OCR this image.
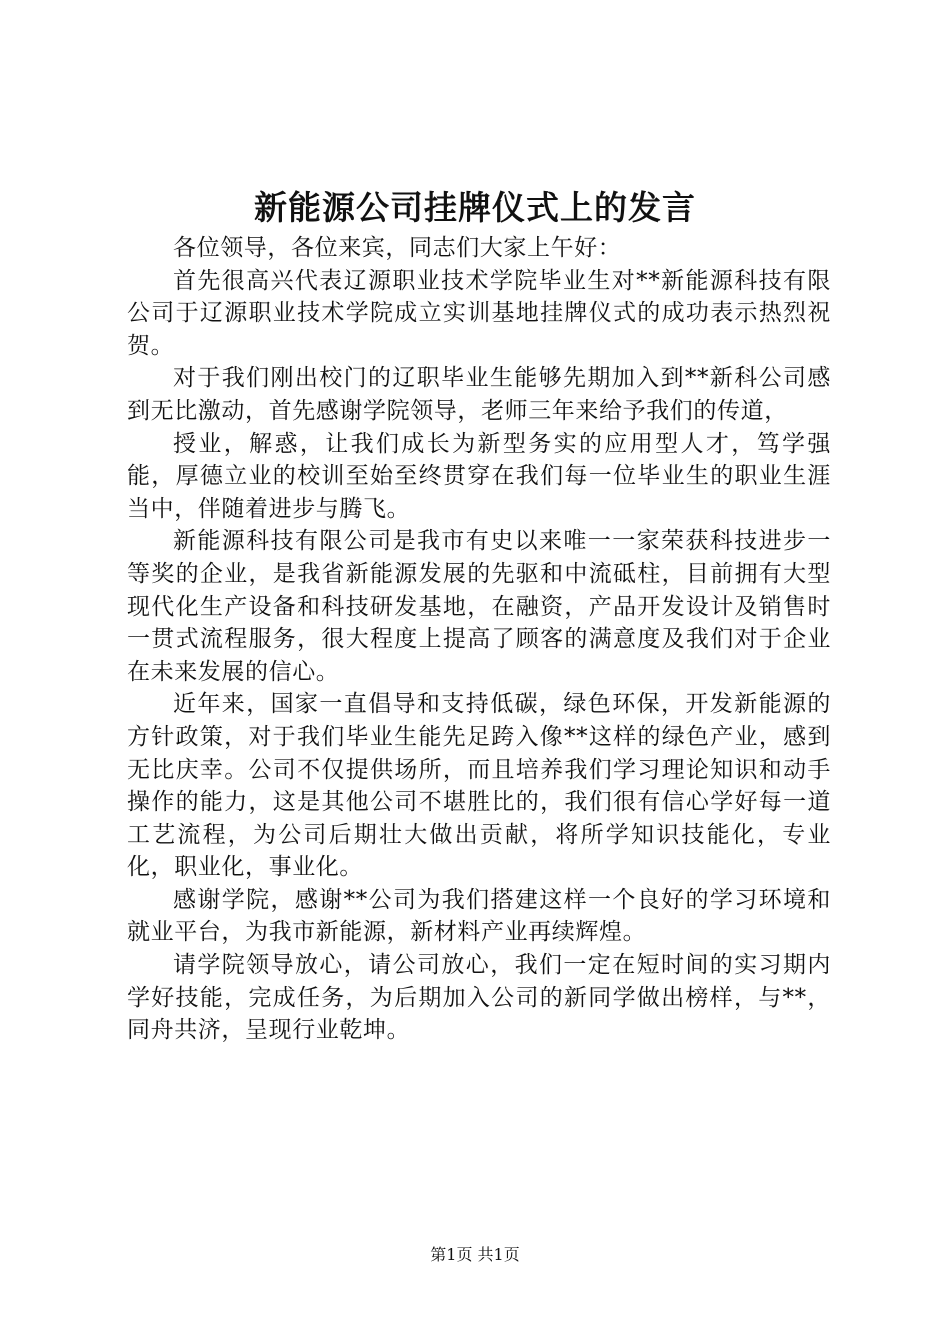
新能源公司挂牌仪式上的发言

各位领导，各位来宾，同志们大家上午好：

首先很高兴代表辽源职业技术学院毕业生对**新能源科技有限公司于辽源职业技术学院成立实训基地挂牌仪式的成功表示热烈祝贺。

对于我们刚出校门的辽职毕业生能够先期加入到**新科公司感到无比激动，首先感谢学院领导，老师三年来给予我们的传道，

授业，解惑，让我们成长为新型务实的应用型人才，笃学强能，厚德立业的校训至始至终贯穿在我们每一位毕业生的职业生涯当中，伴随着进步与腾飞。

新能源科技有限公司是我市有史以来唯一一家荣获科技进步一等奖的企业，是我省新能源发展的先驱和中流砥柱，目前拥有大型现代化生产设备和科技研发基地，在融资，产品开发设计及销售时一贯式流程服务，很大程度上提高了顾客的满意度及我们对于企业在未来发展的信心。

近年来，国家一直倡导和支持低碳，绿色环保，开发新能源的方针政策，对于我们毕业生能先足跨入像**这样的绿色产业，感到无比庆幸。公司不仅提供场所，而且培养我们学习理论知识和动手操作的能力，这是其他公司不堪胜比的，我们很有信心学好每一道工艺流程，为公司后期壮大做出贡献，将所学知识技能化，专业化，职业化，事业化。

感谢学院，感谢**公司为我们搭建这样一个良好的学习环境和就业平台，为我市新能源，新材料产业再续辉煌。

请学院领导放心，请公司放心，我们一定在短时间的实习期内学好技能，完成任务，为后期加入公司的新同学做出榜样，与**，同舟共济，呈现行业乾坤。

第1页 共1页
